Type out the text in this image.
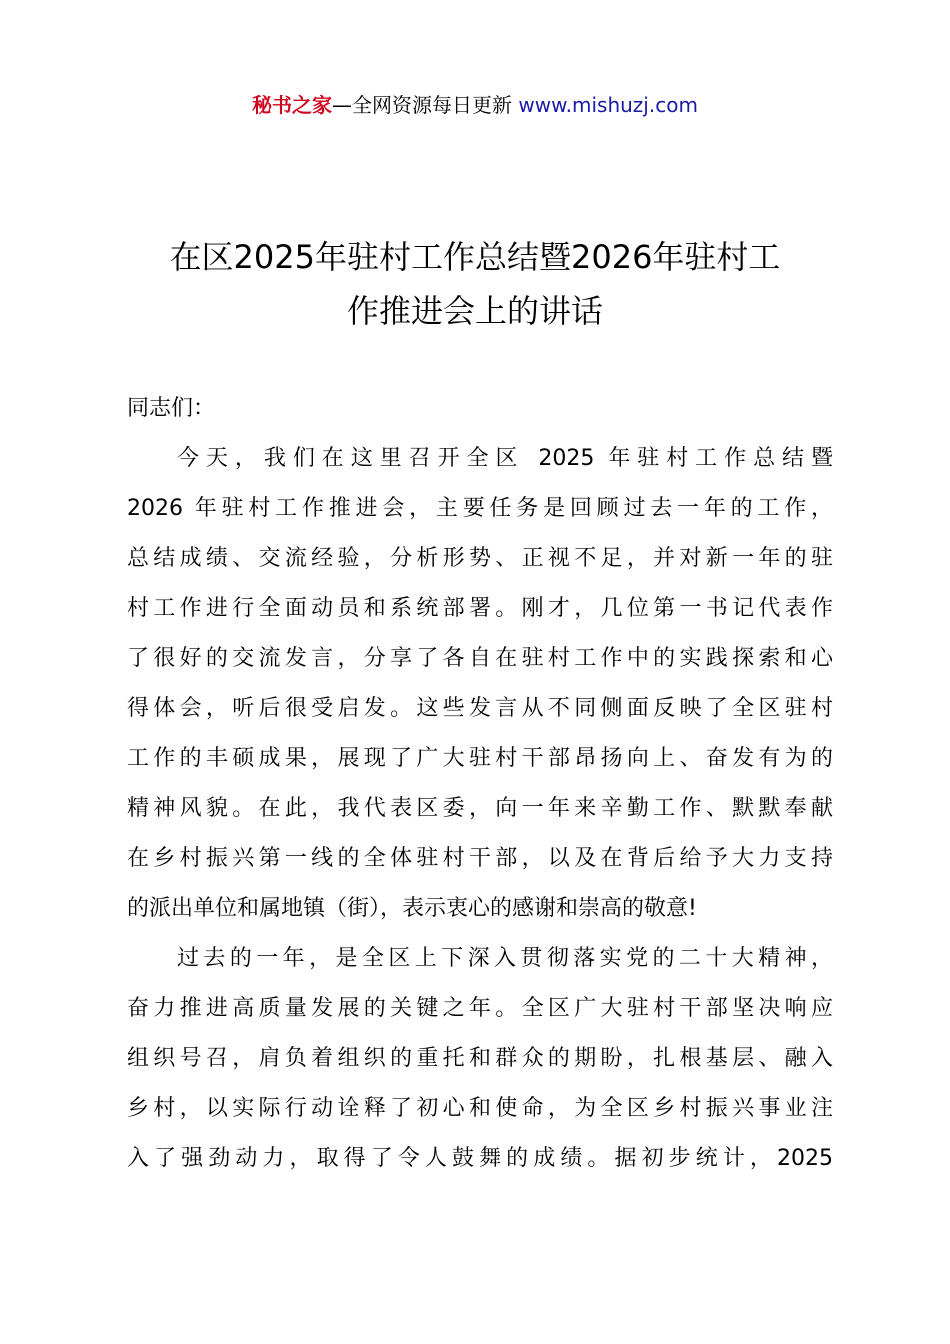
秘书之家—全网资源每日更新 www.mishuzj.com
在区2025年驻村工作总结暨2026年驻村工
作推进会上的讲话
同志们：
今天，我们在这里召开全区 2025 年驻村工作总结暨
2026 年驻村工作推进会，主要任务是回顾过去一年的工作，
总结成绩、交流经验，分析形势、正视不足，并对新一年的驻
村工作进行全面动员和系统部署。刚才，几位第一书记代表作
了很好的交流发言，分享了各自在驻村工作中的实践探索和心
得体会，听后很受启发。这些发言从不同侧面反映了全区驻村
工作的丰硕成果，展现了广大驻村干部昂扬向上、奋发有为的
精神风貌。在此，我代表区委，向一年来辛勤工作、默默奉献
在乡村振兴第一线的全体驻村干部，以及在背后给予大力支持
的派出单位和属地镇（街），表示衷心的感谢和崇高的敬意!
过去的一年，是全区上下深入贯彻落实党的二十大精神，
奋力推进高质量发展的关键之年。全区广大驻村干部坚决响应
组织号召，肩负着组织的重托和群众的期盼，扎根基层、融入
乡村，以实际行动诠释了初心和使命，为全区乡村振兴事业注
入了强劲动力，取得了令人鼓舞的成绩。据初步统计，2025
